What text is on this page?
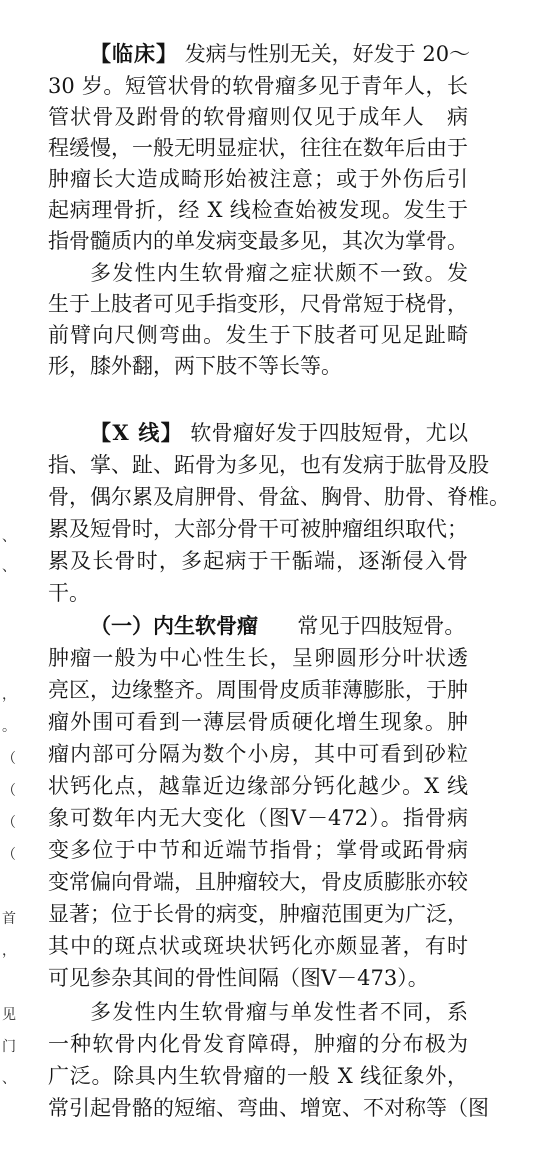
【临床】 发病与性别无关，好发于 20～
30 岁。短管状骨的软骨瘤多见于青年人，长
管状骨及跗骨的软骨瘤则仅见于成年人　病
程缓慢，一般无明显症状，往往在数年后由于
肿瘤长大造成畸形始被注意；或于外伤后引
起病理骨折，经 X 线检查始被发现。发生于
指骨髓质内的单发病变最多见，其次为掌骨。
多发性内生软骨瘤之症状颇不一致。发
生于上肢者可见手指变形，尺骨常短于桡骨，
前臂向尺侧弯曲。发生于下肢者可见足趾畸
形，膝外翻，两下肢不等长等。
【X 线】 软骨瘤好发于四肢短骨，尤以
指、掌、趾、跖骨为多见，也有发病于肱骨及股
骨，偶尔累及肩胛骨、骨盆、胸骨、肋骨、脊椎。
累及短骨时，大部分骨干可被肿瘤组织取代；
累及长骨时，多起病于干骺端，逐渐侵入骨
干。
（一）内生软骨瘤 常见于四肢短骨。
肿瘤一般为中心性生长，呈卵圆形分叶状透
亮区，边缘整齐。周围骨皮质菲薄膨胀，于肿
瘤外围可看到一薄层骨质硬化增生现象。肿
瘤内部可分隔为数个小房，其中可看到砂粒
状钙化点，越靠近边缘部分钙化越少。X 线
象可数年内无大变化（图Ⅴ－472）。指骨病
变多位于中节和近端节指骨；掌骨或跖骨病
变常偏向骨端，且肿瘤较大，骨皮质膨胀亦较
显著；位于长骨的病变，肿瘤范围更为广泛，
其中的斑点状或斑块状钙化亦颇显著，有时
可见参杂其间的骨性间隔（图Ⅴ－473）。
多发性内生软骨瘤与单发性者不同，系
一种软骨内化骨发育障碍，肿瘤的分布极为
广泛。除具内生软骨瘤的一般 X 线征象外，
常引起骨骼的短缩、弯曲、增宽、不对称等（图
、
、
，
。
（
（
（
（
首
，
见
门
、
